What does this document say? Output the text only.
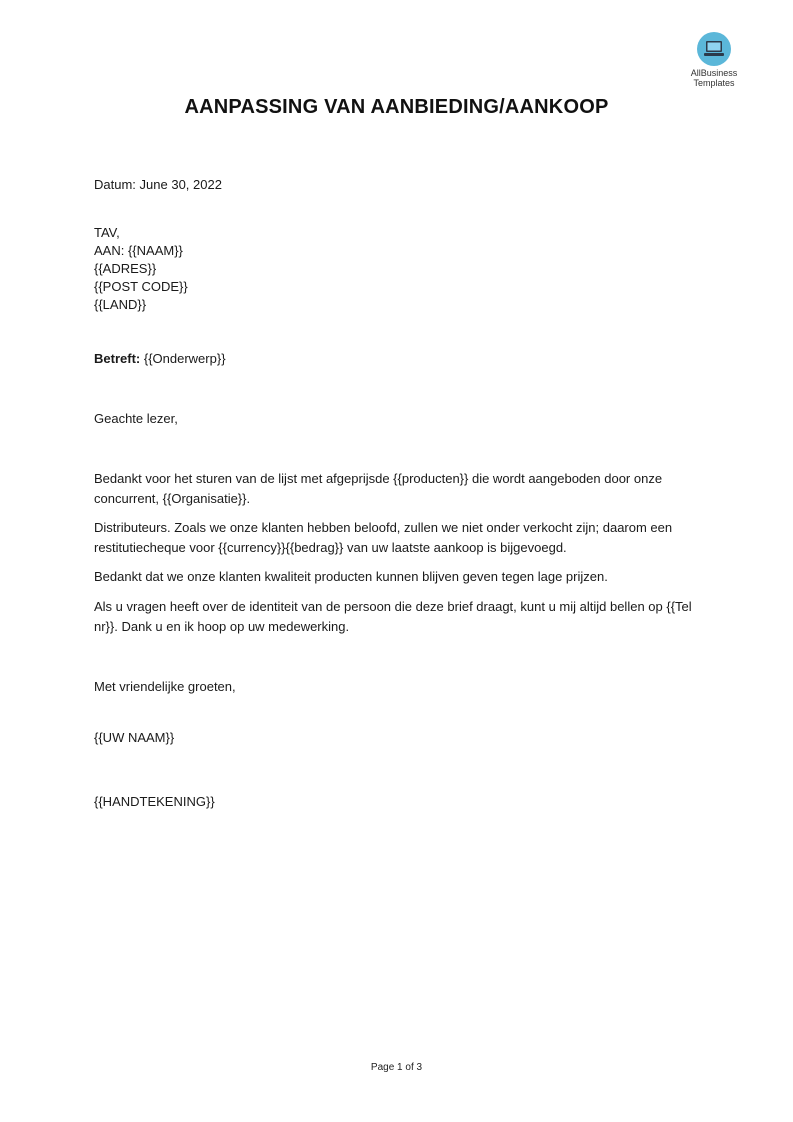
AllBusiness
Templates
AANPASSING VAN AANBIEDING/AANKOOP
Datum: June 30, 2022
TAV,
AAN: {{NAAM}}
{{ADRES}}
{{POST CODE}}
{{LAND}}
Betreft: {{Onderwerp}}
Geachte lezer,
Bedankt voor het sturen van de lijst met afgeprijsde {{producten}} die wordt aangeboden door onze concurrent, {{Organisatie}}.
Distributeurs. Zoals we onze klanten hebben beloofd, zullen we niet onder verkocht zijn; daarom een restitutiecheque voor {{currency}}{{bedrag}} van uw laatste aankoop is bijgevoegd.
Bedankt dat we onze klanten kwaliteit producten kunnen blijven geven tegen lage prijzen.
Als u vragen heeft over de identiteit van de persoon die deze brief draagt, kunt u mij altijd bellen op {{Tel nr}}. Dank u en ik hoop op uw medewerking.
Met vriendelijke groeten,
{{UW NAAM}}
{{HANDTEKENING}}
Page 1 of 3
